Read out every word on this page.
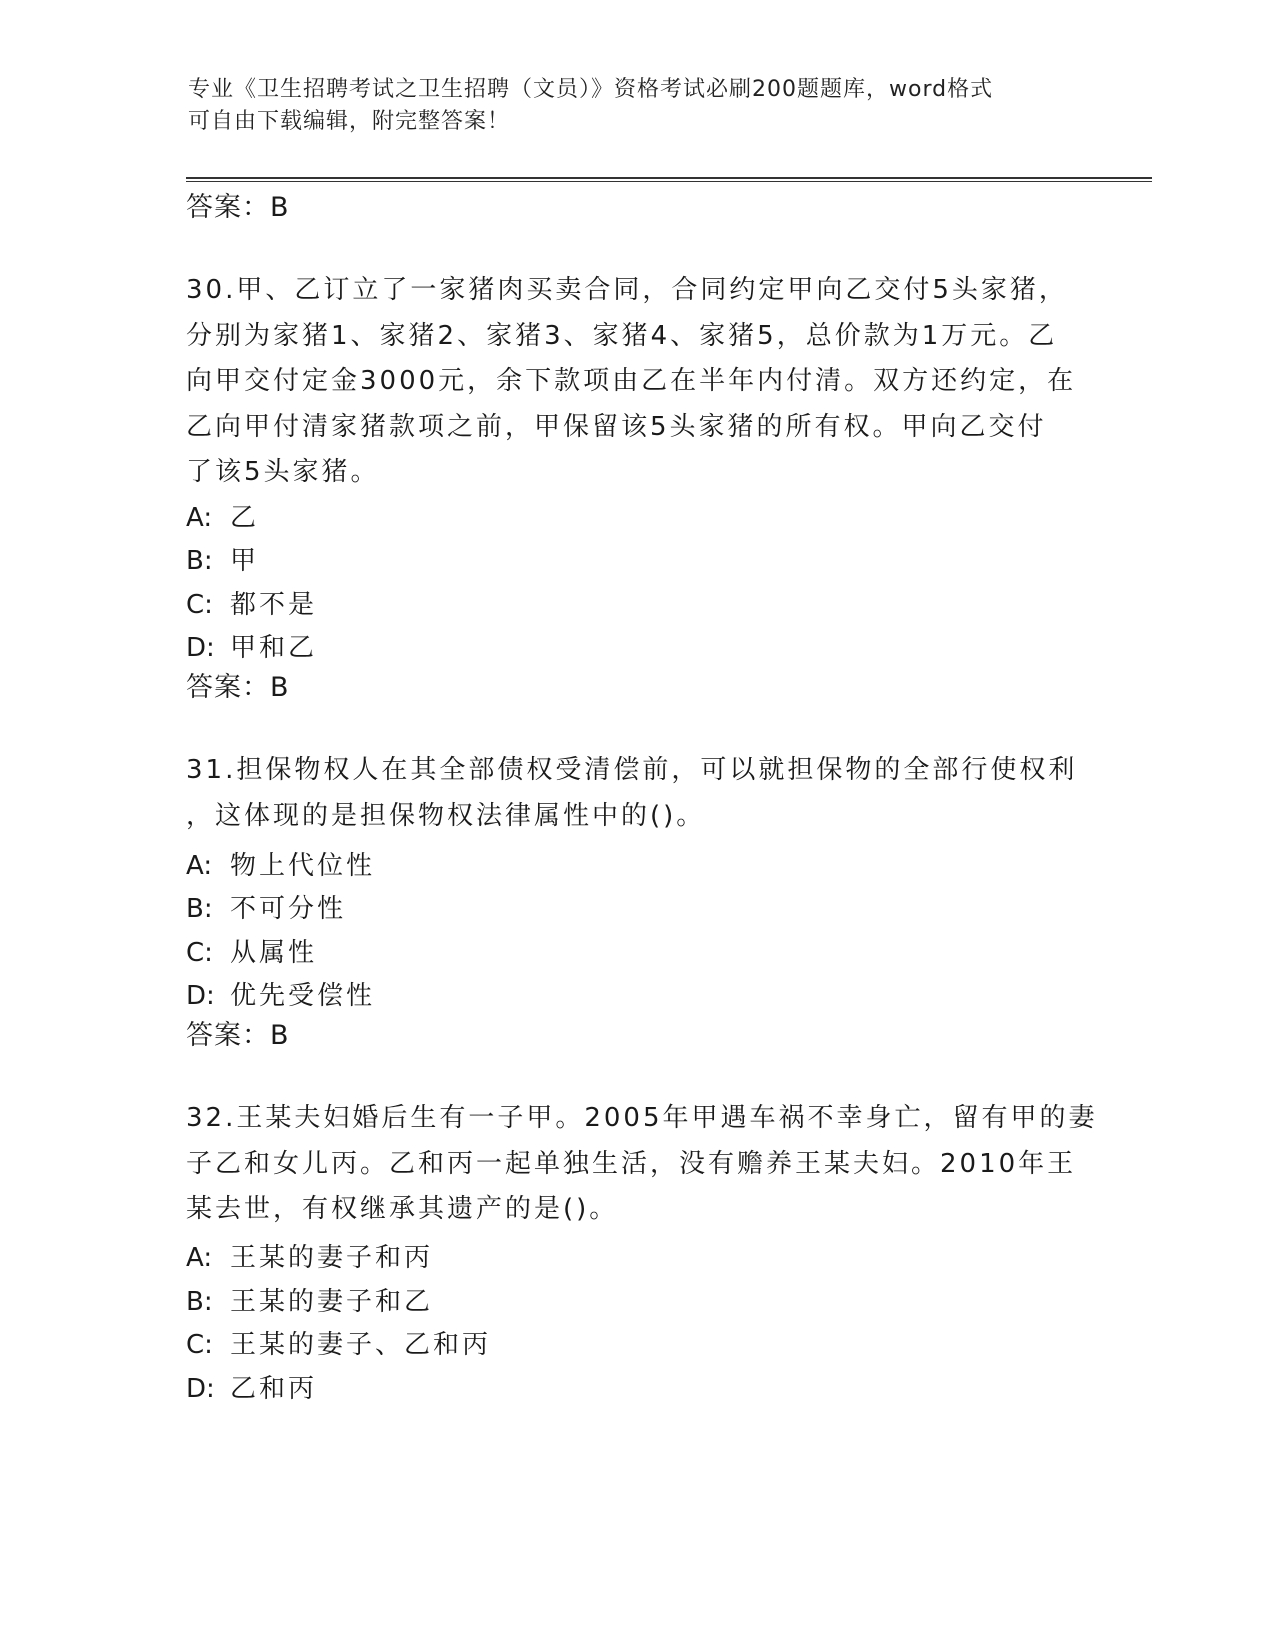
专业《卫生招聘考试之卫生招聘（文员）》资格考试必刷200题题库，word格式
可自由下载编辑，附完整答案！
答案：B
30.甲、乙订立了一家猪肉买卖合同，合同约定甲向乙交付5头家猪，
分别为家猪1、家猪2、家猪3、家猪4、家猪5，总价款为1万元。乙
向甲交付定金3000元，余下款项由乙在半年内付清。双方还约定，在
乙向甲付清家猪款项之前，甲保留该5头家猪的所有权。甲向乙交付
了该5头家猪。
A: 乙
B: 甲
C: 都不是
D: 甲和乙
答案：B
31.担保物权人在其全部债权受清偿前，可以就担保物的全部行使权利
，这体现的是担保物权法律属性中的()。
A: 物上代位性
B: 不可分性
C: 从属性
D: 优先受偿性
答案：B
32.王某夫妇婚后生有一子甲。2005年甲遇车祸不幸身亡，留有甲的妻
子乙和女儿丙。乙和丙一起单独生活，没有赡养王某夫妇。2010年王
某去世，有权继承其遗产的是()。
A: 王某的妻子和丙
B: 王某的妻子和乙
C: 王某的妻子、乙和丙
D: 乙和丙
